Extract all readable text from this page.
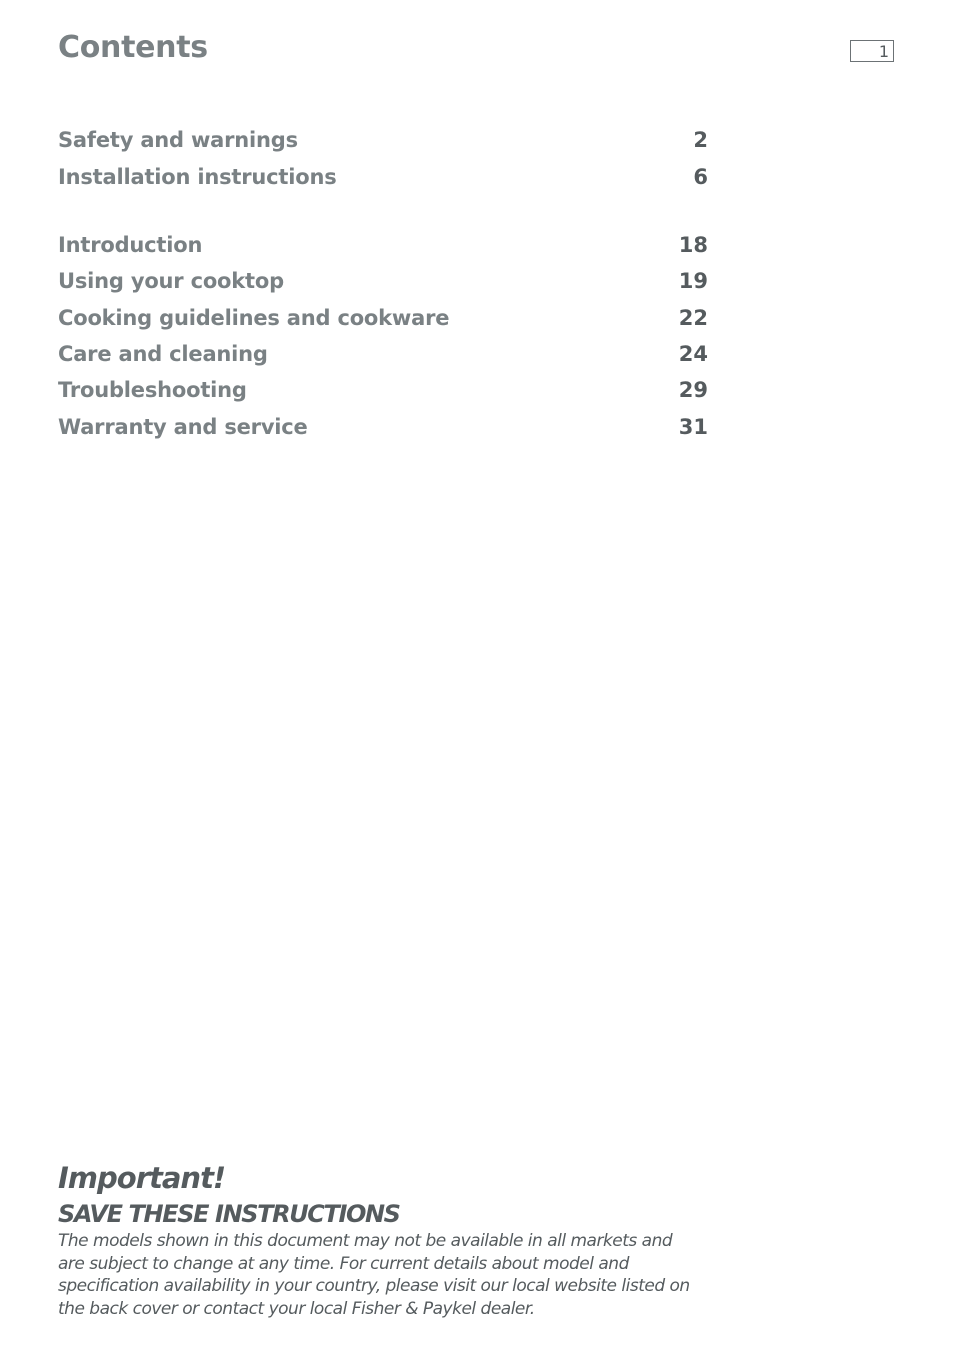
Contents	1
Safety and warnings	2
Installation instructions	6
Introduction	18
Using your cooktop	19
Cooking guidelines and cookware	22
Care and cleaning	24
Troubleshooting	29
Warranty and service	31
Important!
SAVE THESE INSTRUCTIONS
The models shown in this document may not be available in all markets and are subject to change at any time. For current details about model and specification availability in your country, please visit our local website listed on the back cover or contact your local Fisher & Paykel dealer.
